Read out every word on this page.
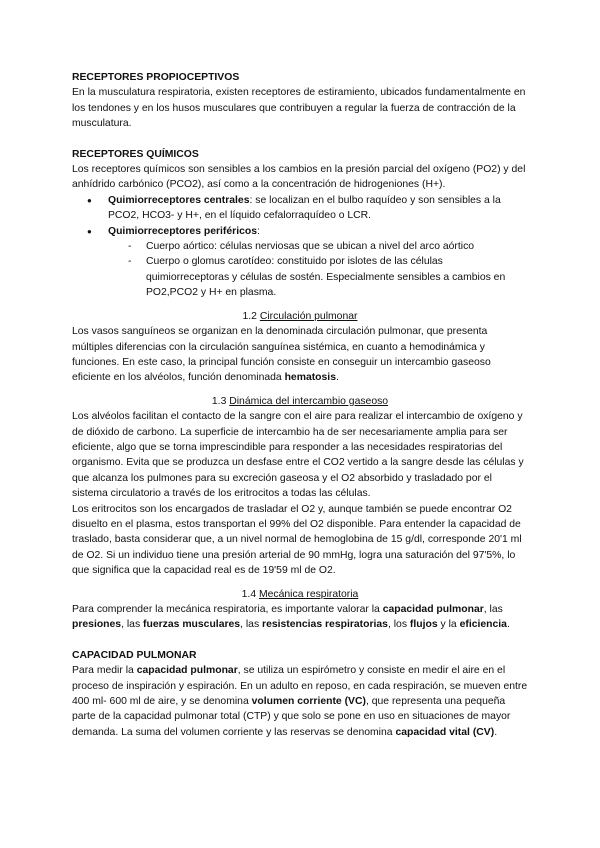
RECEPTORES PROPIOCEPTIVOS

En la musculatura respiratoria, existen receptores de estiramiento, ubicados fundamentalmente en los tendones y en los husos musculares que contribuyen a regular la fuerza de contracción de la musculatura.

RECEPTORES QUÍMICOS

Los receptores químicos son sensibles a los cambios en la presión parcial del oxígeno (PO2) y del anhídrido carbónico (PCO2), así como a la concentración de hidrogeniones (H+).

● Quimiorreceptores centrales: se localizan en el bulbo raquídeo y son sensibles a la PCO2, HCO3- y H+, en el líquido cefalorraquídeo o LCR.
● Quimiorreceptores periféricos:
- Cuerpo aórtico: células nerviosas que se ubican a nivel del arco aórtico
- Cuerpo o glomus carotídeo: constituido por islotes de las células quimiorreceptoras y células de sostén. Especialmente sensibles a cambios en PO2,PCO2 y H+ en plasma.

1.2 Circulación pulmonar

Los vasos sanguíneos se organizan en la denominada circulación pulmonar, que presenta múltiples diferencias con la circulación sanguínea sistémica, en cuanto a hemodinámica y funciones. En este caso, la principal función consiste en conseguir un intercambio gaseoso eficiente en los alvéolos, función denominada hematosis.

1.3 Dinámica del intercambio gaseoso

Los alvéolos facilitan el contacto de la sangre con el aire para realizar el intercambio de oxígeno y de dióxido de carbono. La superficie de intercambio ha de ser necesariamente amplia para ser eficiente, algo que se torna imprescindible para responder a las necesidades respiratorias del organismo. Evita que se produzca un desfase entre el CO2 vertido a la sangre desde las células y que alcanza los pulmones para su excreción gaseosa y el O2 absorbido y trasladado por el sistema circulatorio a través de los eritrocitos a todas las células.

Los eritrocitos son los encargados de trasladar el O2 y, aunque también se puede encontrar O2 disuelto en el plasma, estos transportan el 99% del O2 disponible. Para entender la capacidad de traslado, basta considerar que, a un nivel normal de hemoglobina de 15 g/dl, corresponde 20'1 ml de O2. Si un individuo tiene una presión arterial de 90 mmHg, logra una saturación del 97'5%, lo que significa que la capacidad real es de 19'59 ml de O2.

1.4 Mecánica respiratoria

Para comprender la mecánica respiratoria, es importante valorar la capacidad pulmonar, las presiones, las fuerzas musculares, las resistencias respiratorias, los flujos y la eficiencia.

CAPACIDAD PULMONAR

Para medir la capacidad pulmonar, se utiliza un espirómetro y consiste en medir el aire en el proceso de inspiración y espiración. En un adulto en reposo, en cada respiración, se mueven entre 400 ml- 600 ml de aire, y se denomina volumen corriente (VC), que representa una pequeña parte de la capacidad pulmonar total (CTP) y que solo se pone en uso en situaciones de mayor demanda. La suma del volumen corriente y las reservas se denomina capacidad vital (CV).
